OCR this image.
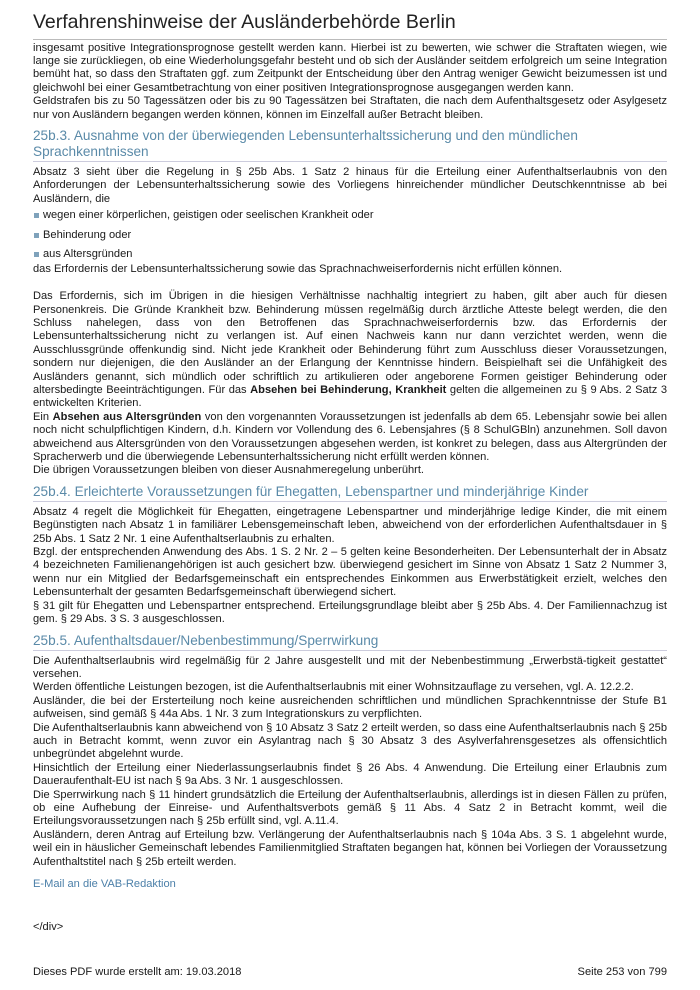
Verfahrenshinweise der Ausländerbehörde Berlin

insgesamt positive Integrationsprognose gestellt werden kann. Hierbei ist zu bewerten, wie schwer die Straftaten wiegen, wie lange sie zurückliegen, ob eine Wiederholungsgefahr besteht und ob sich der Ausländer seitdem erfolgreich um seine Integration bemüht hat, so dass den Straftaten ggf. zum Zeitpunkt der Entscheidung über den Antrag weniger Gewicht beizumessen ist und gleichwohl bei einer Gesamtbetrachtung von einer positiven Integrationsprognose ausgegangen werden kann.

Geldstrafen bis zu 50 Tagessätzen oder bis zu 90 Tagessätzen bei Straftaten, die nach dem Aufenthaltsgesetz oder Asylgesetz nur von Ausländern begangen werden können, können im Einzelfall außer Betracht bleiben.

25b.3. Ausnahme von der überwiegenden Lebensunterhaltssicherung und den mündlichen Sprachkenntnissen

Absatz 3 sieht über die Regelung in § 25b Abs. 1 Satz 2 hinaus für die Erteilung einer Aufenthaltserlaubnis von den Anforderungen der Lebensunterhaltssicherung sowie des Vorliegens hinreichender mündlicher Deutschkenntnisse ab bei Ausländern, die

wegen einer körperlichen, geistigen oder seelischen Krankheit oder
Behinderung oder
aus Altersgründen

das Erfordernis der Lebensunterhaltssicherung sowie das Sprachnachweiserfordernis nicht erfüllen können.

Das Erfordernis, sich im Übrigen in die hiesigen Verhältnisse nachhaltig integriert zu haben, gilt aber auch für diesen Personenkreis. Die Gründe Krankheit bzw. Behinderung müssen regelmäßig durch ärztliche Atteste belegt werden, die den Schluss nahelegen, dass von den Betroffenen das Sprachnachweiserfordernis bzw. das Erfordernis der Lebensunterhaltssicherung nicht zu verlangen ist. Auf einen Nachweis kann nur dann verzichtet werden, wenn die Ausschlussgründe offenkundig sind. Nicht jede Krankheit oder Behinderung führt zum Ausschluss dieser Voraussetzungen, sondern nur diejenigen, die den Ausländer an der Erlangung der Kenntnisse hindern. Beispielhaft sei die Unfähigkeit des Ausländers genannt, sich mündlich oder schriftlich zu artikulieren oder angeborene Formen geistiger Behinderung oder altersbedingte Beeinträchtigungen. Für das Absehen bei Behinderung, Krankheit gelten die allgemeinen zu § 9 Abs. 2 Satz 3 entwickelten Kriterien.

Ein Absehen aus Altersgründen von den vorgenannten Voraussetzungen ist jedenfalls ab dem 65. Lebensjahr sowie bei allen noch nicht schulpflichtigen Kindern, d.h. Kindern vor Vollendung des 6. Lebensjahres (§ 8 SchulGBln) anzunehmen. Soll davon abweichend aus Altersgründen von den Voraussetzungen abgesehen werden, ist konkret zu belegen, dass aus Altergründen der Spracherwerb und die überwiegende Lebensunterhaltssicherung nicht erfüllt werden können.

Die übrigen Voraussetzungen bleiben von dieser Ausnahmeregelung unberührt.

25b.4. Erleichterte Voraussetzungen für Ehegatten, Lebenspartner und minderjährige Kinder

Absatz 4 regelt die Möglichkeit für Ehegatten, eingetragene Lebenspartner und minderjährige ledige Kinder, die mit einem Begünstigten nach Absatz 1 in familiärer Lebensgemeinschaft leben, abweichend von der erforderlichen Aufenthaltsdauer in § 25b Abs. 1 Satz 2 Nr. 1 eine Aufenthaltserlaubnis zu erhalten.

Bzgl. der entsprechenden Anwendung des Abs. 1 S. 2 Nr. 2 – 5 gelten keine Besonderheiten. Der Lebensunterhalt der in Absatz 4 bezeichneten Familienangehörigen ist auch gesichert bzw. überwiegend gesichert im Sinne von Absatz 1 Satz 2 Nummer 3, wenn nur ein Mitglied der Bedarfsgemeinschaft ein entsprechendes Einkommen aus Erwerbstätigkeit erzielt, welches den Lebensunterhalt der gesamten Bedarfsgemeinschaft überwiegend sichert.

§ 31 gilt für Ehegatten und Lebenspartner entsprechend. Erteilungsgrundlage bleibt aber § 25b Abs. 4. Der Familiennachzug ist gem. § 29 Abs. 3 S. 3 ausgeschlossen.

25b.5. Aufenthaltsdauer/Nebenbestimmung/Sperrwirkung

Die Aufenthaltserlaubnis wird regelmäßig für 2 Jahre ausgestellt und mit der Nebenbestimmung „Erwerbstä-tigkeit gestattet“ versehen.

Werden öffentliche Leistungen bezogen, ist die Aufenthaltserlaubnis mit einer Wohnsitzauflage zu versehen, vgl. A. 12.2.2.

Ausländer, die bei der Ersterteilung noch keine ausreichenden schriftlichen und mündlichen Sprachkenntnisse der Stufe B1 aufweisen, sind gemäß § 44a Abs. 1 Nr. 3 zum Integrationskurs zu verpflichten.

Die Aufenthaltserlaubnis kann abweichend von § 10 Absatz 3 Satz 2 erteilt werden, so dass eine Aufenthaltserlaubnis nach § 25b auch in Betracht kommt, wenn zuvor ein Asylantrag nach § 30 Absatz 3 des Asylverfahrensgesetzes als offensichtlich unbegründet abgelehnt wurde.

Hinsichtlich der Erteilung einer Niederlassungserlaubnis findet § 26 Abs. 4 Anwendung. Die Erteilung einer Erlaubnis zum Daueraufenthalt-EU ist nach § 9a Abs. 3 Nr. 1 ausgeschlossen.

Die Sperrwirkung nach § 11 hindert grundsätzlich die Erteilung der Aufenthaltserlaubnis, allerdings ist in diesen Fällen zu prüfen, ob eine Aufhebung der Einreise- und Aufenthaltsverbots gemäß § 11 Abs. 4 Satz 2 in Betracht kommt, weil die Erteilungsvoraussetzungen nach § 25b erfüllt sind, vgl. A.11.4.

Ausländern, deren Antrag auf Erteilung bzw. Verlängerung der Aufenthaltserlaubnis nach § 104a Abs. 3 S. 1 abgelehnt wurde, weil ein in häuslicher Gemeinschaft lebendes Familienmitglied Straftaten begangen hat, können bei Vorliegen der Voraussetzung Aufenthaltstitel nach § 25b erteilt werden.

E-Mail an die VAB-Redaktion

</div>
Dieses PDF wurde erstellt am: 19.03.2018	Seite 253 von 799
